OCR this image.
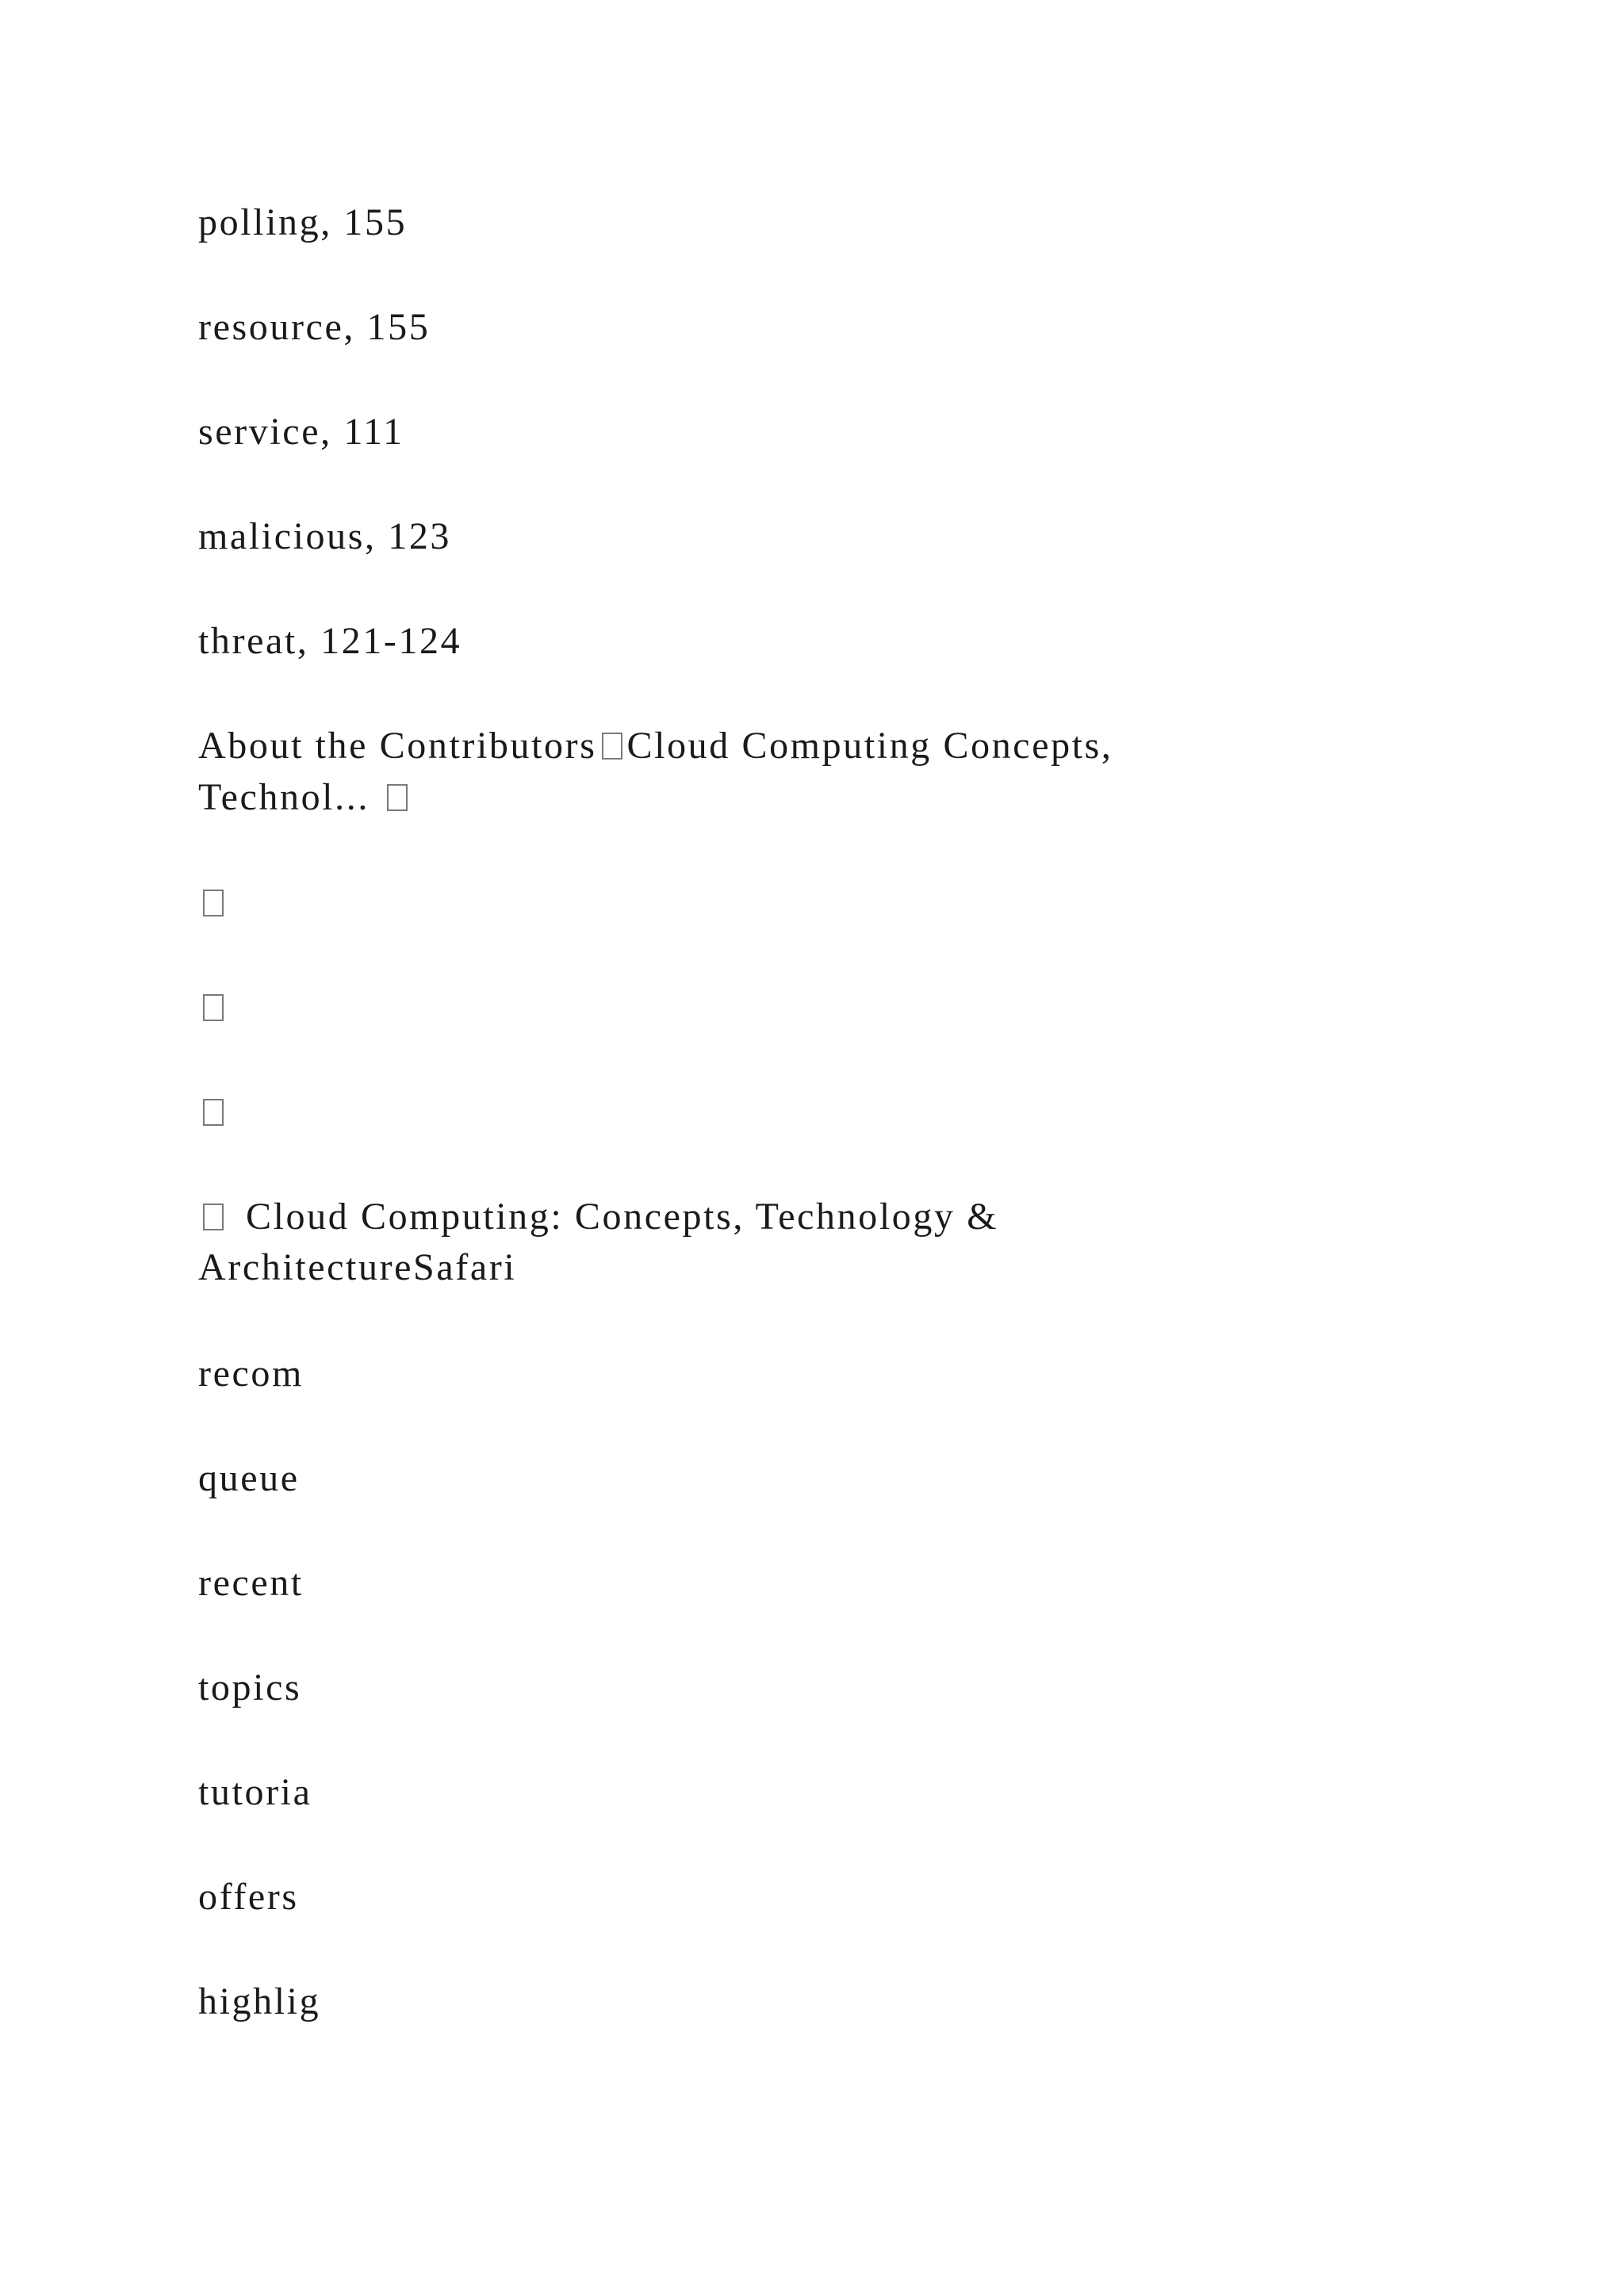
polling, 155

resource, 155

service, 111

malicious, 123

threat, 121-124

About the Contributors Cloud Computing Concepts,

Technol...

Cloud Computing: Concepts, Technology &

ArchitectureSafari

recom

queue

recent

topics

tutoria

offers

highlig
